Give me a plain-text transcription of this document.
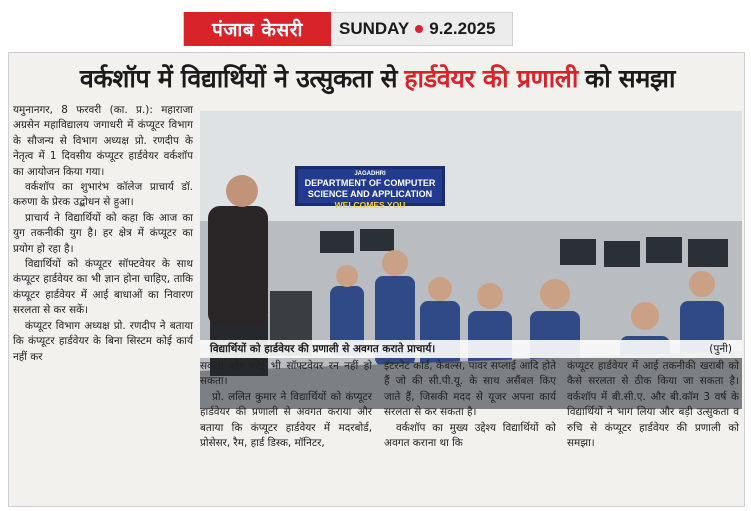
पंजाब केसरी	SUNDAY 9.2.2025
वर्कशॉप में विद्यार्थियों ने उत्सुकता से हार्डवेयर की प्रणाली को समझा

यमुनानगर, 8 फरवरी (का. प्र.): महाराजा अग्रसेन महाविद्यालय जगाधरी में कंप्यूटर विभाग के सौजन्य से विभाग अध्यक्ष प्रो. रणदीप के नेतृत्व में 1 दिवसीय कंप्यूटर हार्डवेयर वर्कशॉप का आयोजन किया गया।

वर्कशॉप का शुभारंभ कॉलेज प्राचार्य डॉ. करुणा के प्रेरक उद्बोधन से हुआ।

प्राचार्य ने विद्यार्थियों को कहा कि आज का युग तकनीकी युग है। हर क्षेत्र में कंप्यूटर का प्रयोग हो रहा है।

विद्यार्थियों को कंप्यूटर सॉफ्टवेयर के साथ कंप्यूटर हार्डवेयर का भी ज्ञान होना चाहिए, ताकि कंप्यूटर हार्डवेयर में आई बाधाओं का निवारण सरलता से कर सकें।

कंप्यूटर विभाग अध्यक्ष प्रो. रणदीप ने बताया कि कंप्यूटर हार्डवेयर के बिना सिस्टम कोई कार्य नहीं कर

JAGADHRI
DEPARTMENT OF COMPUTER
SCIENCE AND APPLICATION
WELCOMES YOU
विद्यार्थियों को हार्डवेयर की प्रणाली से अवगत कराते प्राचार्य।	(पुनी)

सकता और कोई भी सॉफ्टवेयर रन नहीं हो सकता।

प्रो. ललित कुमार ने विद्यार्थियों को कंप्यूटर हार्डवेयर की प्रणाली से अवगत कराया और बताया कि कंप्यूटर हार्डवेयर में मदरबोर्ड, प्रोसेसर, रैम, हार्ड डिस्क, मॉनिटर,

इंटरनेट कार्ड, केबल्स, पावर सप्लाई आदि होते हैं जो की सी.पी.यू. के साथ असैंबल किए जाते हैं, जिसकी मदद से यूजर अपना कार्य सरलता से कर सकता है।

वर्कशॉप का मुख्य उद्देश्य विद्यार्थियों को अवगत कराना था कि

कंप्यूटर हार्डवेयर में आई तकनीकी खराबी को कैसे सरलता से ठीक किया जा सकता है। वर्कशॉप में बी.सी.ए. और बी.कॉम 3 वर्ष के विद्यार्थियों ने भाग लिया और बड़ी उत्सुकता व रुचि से कंप्यूटर हार्डवेयर की प्रणाली को समझा।
